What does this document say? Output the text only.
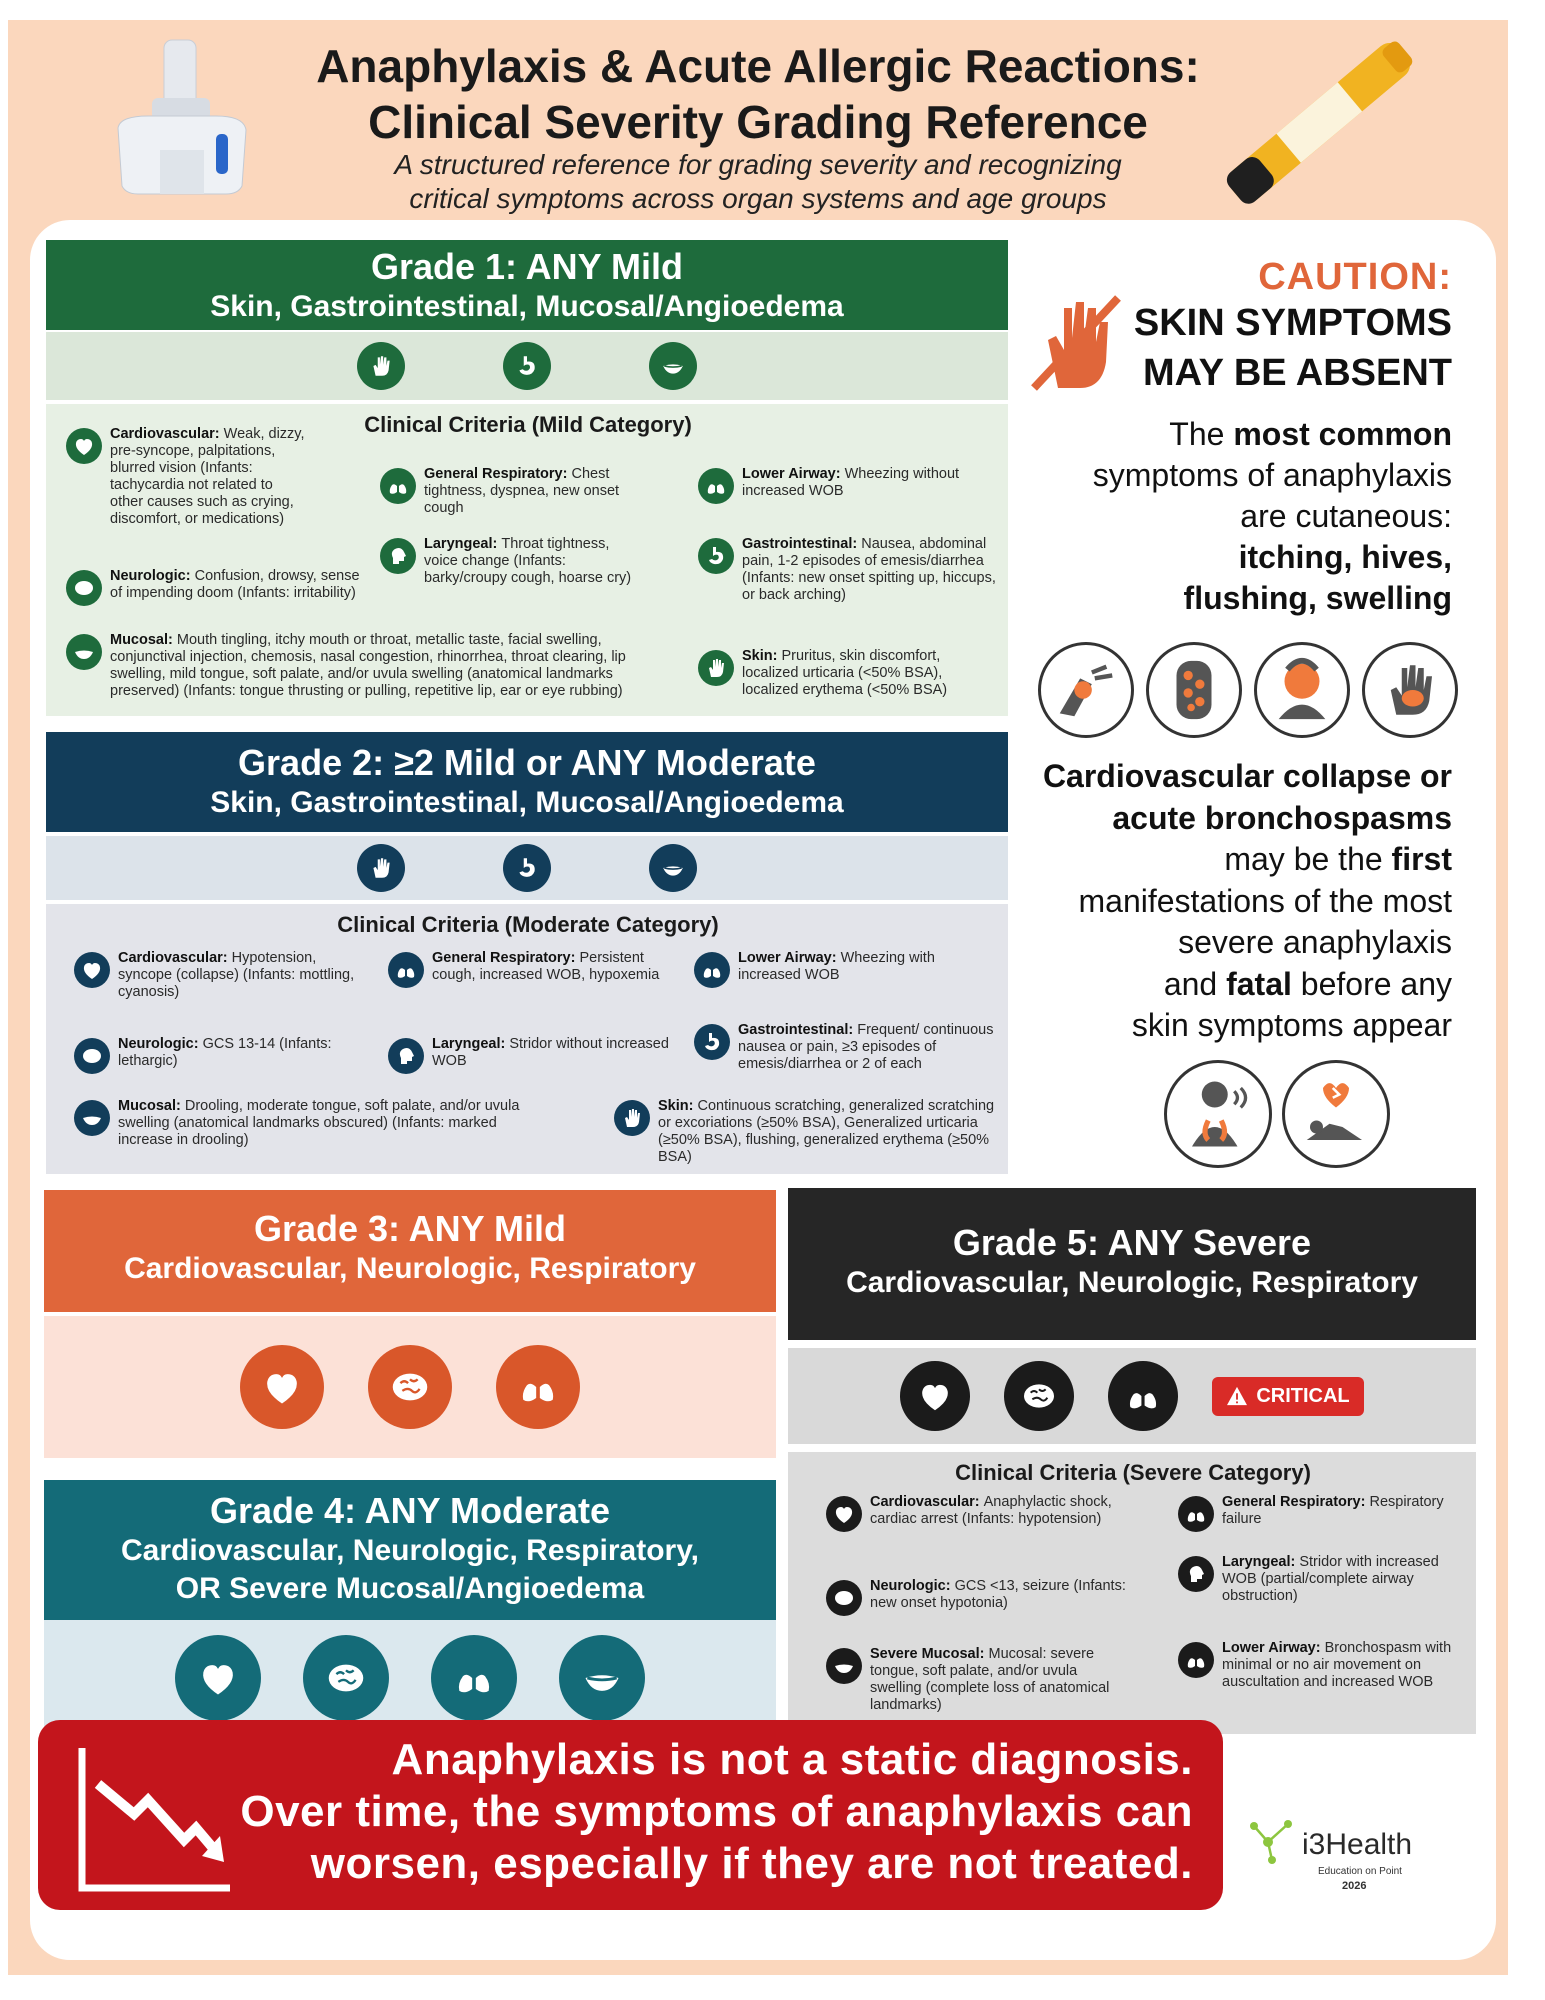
Anaphylaxis & Acute Allergic Reactions:
Clinical Severity Grading Reference
A structured reference for grading severity and recognizing
critical symptoms across organ systems and age groups
Grade 1: ANY Mild
Skin, Gastrointestinal, Mucosal/Angioedema
Clinical Criteria (Mild Category)
Cardiovascular: Weak, dizzy, pre-syncope, palpitations, blurred vision (Infants: tachycardia not related to other causes such as crying, discomfort, or medications)
Neurologic: Confusion, drowsy, sense of impending doom (Infants: irritability)
Mucosal: Mouth tingling, itchy mouth or throat, metallic taste, facial swelling, conjunctival injection, chemosis, nasal congestion, rhinorrhea, throat clearing, lip swelling, mild tongue, soft palate, and/or uvula swelling (anatomical landmarks preserved) (Infants: tongue thrusting or pulling, repetitive lip, ear or eye rubbing)
General Respiratory: Chest tightness, dyspnea, new onset cough
Laryngeal: Throat tightness, voice change (Infants: barky/croupy cough, hoarse cry)
Lower Airway: Wheezing without increased WOB
Gastrointestinal: Nausea, abdominal pain, 1-2 episodes of emesis/diarrhea (Infants: new onset spitting up, hiccups, or back arching)
Skin: Pruritus, skin discomfort, localized urticaria (<50% BSA), localized erythema (<50% BSA)
Grade 2: ≥2 Mild or ANY Moderate
Skin, Gastrointestinal, Mucosal/Angioedema
Clinical Criteria (Moderate Category)
Cardiovascular: Hypotension, syncope (collapse) (Infants: mottling, cyanosis)
Neurologic: GCS 13-14 (Infants: lethargic)
Mucosal: Drooling, moderate tongue, soft palate, and/or uvula swelling (anatomical landmarks obscured) (Infants: marked increase in drooling)
General Respiratory: Persistent cough, increased WOB, hypoxemia
Laryngeal: Stridor without increased WOB
Lower Airway: Wheezing with increased WOB
Gastrointestinal: Frequent/ continuous nausea or pain, ≥3 episodes of emesis/diarrhea or 2 of each
Skin: Continuous scratching, generalized scratching or excoriations (≥50% BSA), Generalized urticaria (≥50% BSA), flushing, generalized erythema (≥50% BSA)
Grade 3: ANY Mild
Cardiovascular, Neurologic, Respiratory
Grade 4: ANY Moderate
Cardiovascular, Neurologic, Respiratory,
OR Severe Mucosal/Angioedema
Grade 5: ANY Severe
Cardiovascular, Neurologic, Respiratory
CRITICAL
Clinical Criteria (Severe Category)
Cardiovascular: Anaphylactic shock, cardiac arrest (Infants: hypotension)
Neurologic: GCS <13, seizure (Infants: new onset hypotonia)
Severe Mucosal: Mucosal: severe tongue, soft palate, and/or uvula swelling (complete loss of anatomical landmarks)
General Respiratory: Respiratory failure
Laryngeal: Stridor with increased WOB (partial/complete airway obstruction)
Lower Airway: Bronchospasm with minimal or no air movement on auscultation and increased WOB
CAUTION:
SKIN SYMPTOMS
MAY BE ABSENT
The most common
symptoms of anaphylaxis
are cutaneous:
itching, hives,
flushing, swelling
Cardiovascular collapse or
acute bronchospasms
may be the first
manifestations of the most
severe anaphylaxis
and fatal before any
skin symptoms appear
Anaphylaxis is not a static diagnosis.
Over time, the symptoms of anaphylaxis can
worsen, especially if they are not treated.	i3Health
Education on Point
2026
